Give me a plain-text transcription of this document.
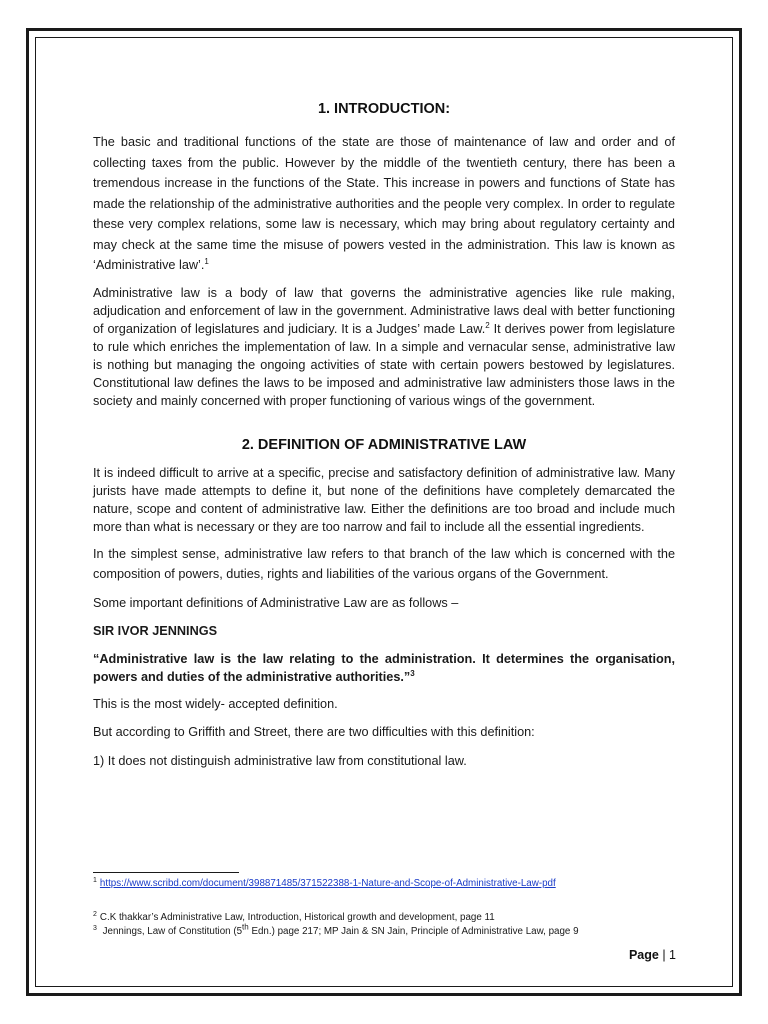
1. INTRODUCTION:

The basic and traditional functions of the state are those of maintenance of law and order and of collecting taxes from the public. However by the middle of the twentieth century, there has been a tremendous increase in the functions of the State. This increase in powers and functions of State has made the relationship of the administrative authorities and the people very complex. In order to regulate these very complex relations, some law is necessary, which may bring about regulatory certainty and may check at the same time the misuse of powers vested in the administration. This law is known as ‘Administrative law’.$^1$

Administrative law is a body of law that governs the administrative agencies like rule making, adjudication and enforcement of law in the government. Administrative laws deal with better functioning of organization of legislatures and judiciary. It is a Judges’ made Law.$^2$ It derives power from legislature to rule which enriches the implementation of law. In a simple and vernacular sense, administrative law is nothing but managing the ongoing activities of state with certain powers bestowed by legislatures. Constitutional law defines the laws to be imposed and administrative law administers those laws in the society and mainly concerned with proper functioning of various wings of the government.

2. DEFINITION OF ADMINISTRATIVE LAW

It is indeed difficult to arrive at a specific, precise and satisfactory definition of administrative law. Many jurists have made attempts to define it, but none of the definitions have completely demarcated the nature, scope and content of administrative law. Either the definitions are too broad and include much more than what is necessary or they are too narrow and fail to include all the essential ingredients.

In the simplest sense, administrative law refers to that branch of the law which is concerned with the composition of powers, duties, rights and liabilities of the various organs of the Government.

Some important definitions of Administrative Law are as follows –

SIR IVOR JENNINGS

“Administrative law is the law relating to the administration. It determines the organisation, powers and duties of the administrative authorities.”$^3$

This is the most widely- accepted definition.

But according to Griffith and Street, there are two difficulties with this definition:

1) It does not distinguish administrative law from constitutional law.

$^1$ https://www.scribd.com/document/398871485/371522388-1-Nature-and-Scope-of-Administrative-Law-pdf

$^2$ C.K thakkar’s Administrative Law, Introduction, Historical growth and development, page 11

$^3$ Jennings, Law of Constitution (5th Edn.) page 217; MP Jain & SN Jain, Principle of Administrative Law, page 9

Page | 1
